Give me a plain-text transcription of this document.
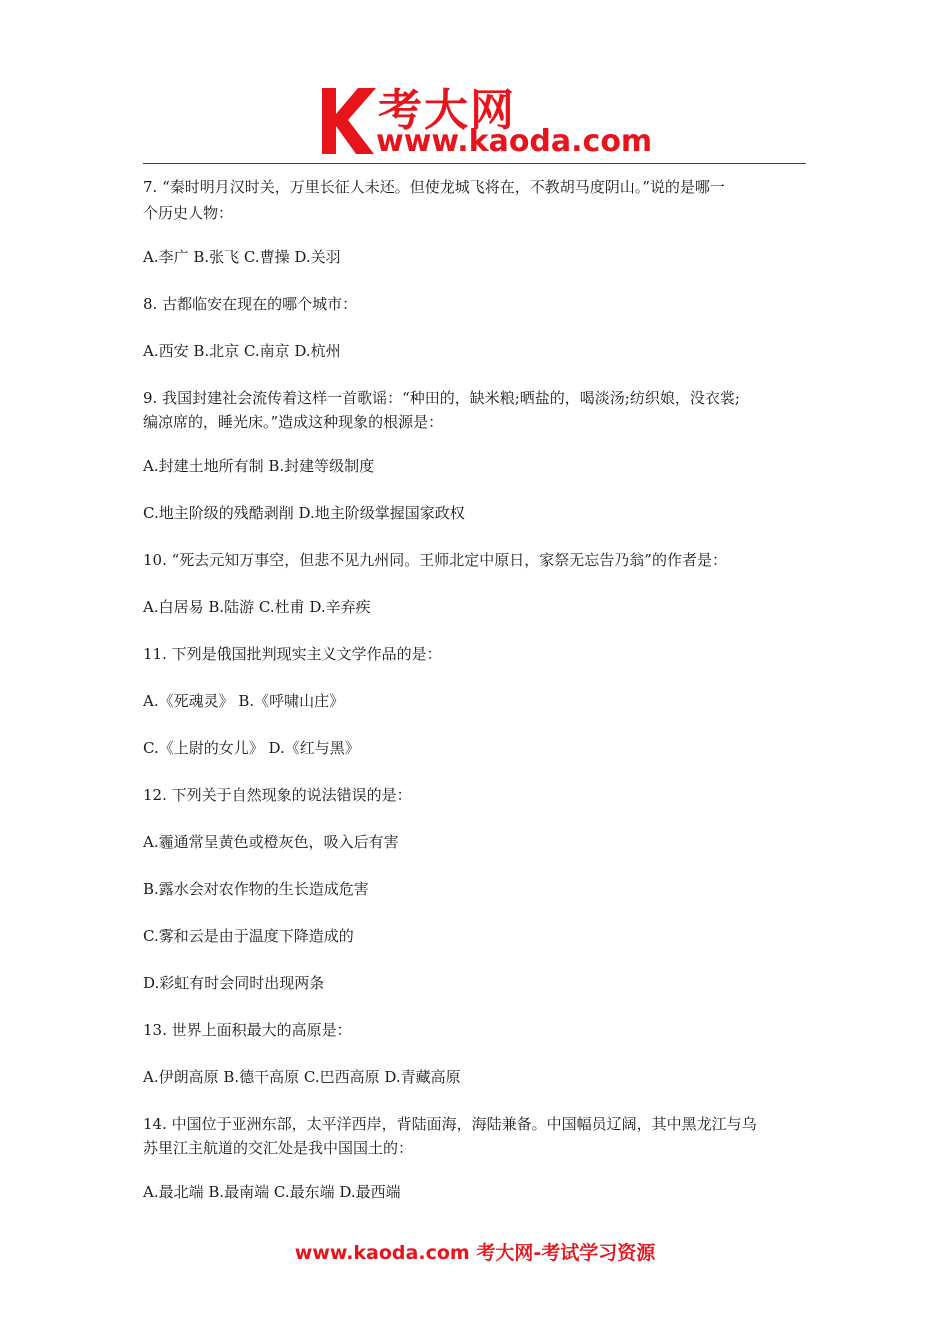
考大网
www.kaoda.com

7. “秦时明月汉时关，万里长征人未还。但使龙城飞将在，不教胡马度阴山。”说的是哪一

个历史人物：

A.李广 B.张飞 C.曹操 D.关羽

8. 古都临安在现在的哪个城市：

A.西安 B.北京 C.南京 D.杭州

9. 我国封建社会流传着这样一首歌谣：“种田的，缺米粮;晒盐的，喝淡汤;纺织娘，没衣裳;

编凉席的，睡光床。”造成这种现象的根源是：

A.封建土地所有制 B.封建等级制度

C.地主阶级的残酷剥削 D.地主阶级掌握国家政权

10. “死去元知万事空，但悲不见九州同。王师北定中原日，家祭无忘告乃翁”的作者是：

A.白居易 B.陆游 C.杜甫 D.辛弃疾

11. 下列是俄国批判现实主义文学作品的是：

A.《死魂灵》 B.《呼啸山庄》

C.《上尉的女儿》 D.《红与黑》

12. 下列关于自然现象的说法错误的是：

A.霾通常呈黄色或橙灰色，吸入后有害

B.露水会对农作物的生长造成危害

C.雾和云是由于温度下降造成的

D.彩虹有时会同时出现两条

13. 世界上面积最大的高原是：

A.伊朗高原 B.德干高原 C.巴西高原 D.青藏高原

14. 中国位于亚洲东部，太平洋西岸，背陆面海，海陆兼备。中国幅员辽阔，其中黑龙江与乌

苏里江主航道的交汇处是我中国国土的：

A.最北端 B.最南端 C.最东端 D.最西端

www.kaoda.com 考大网-考试学习资源
